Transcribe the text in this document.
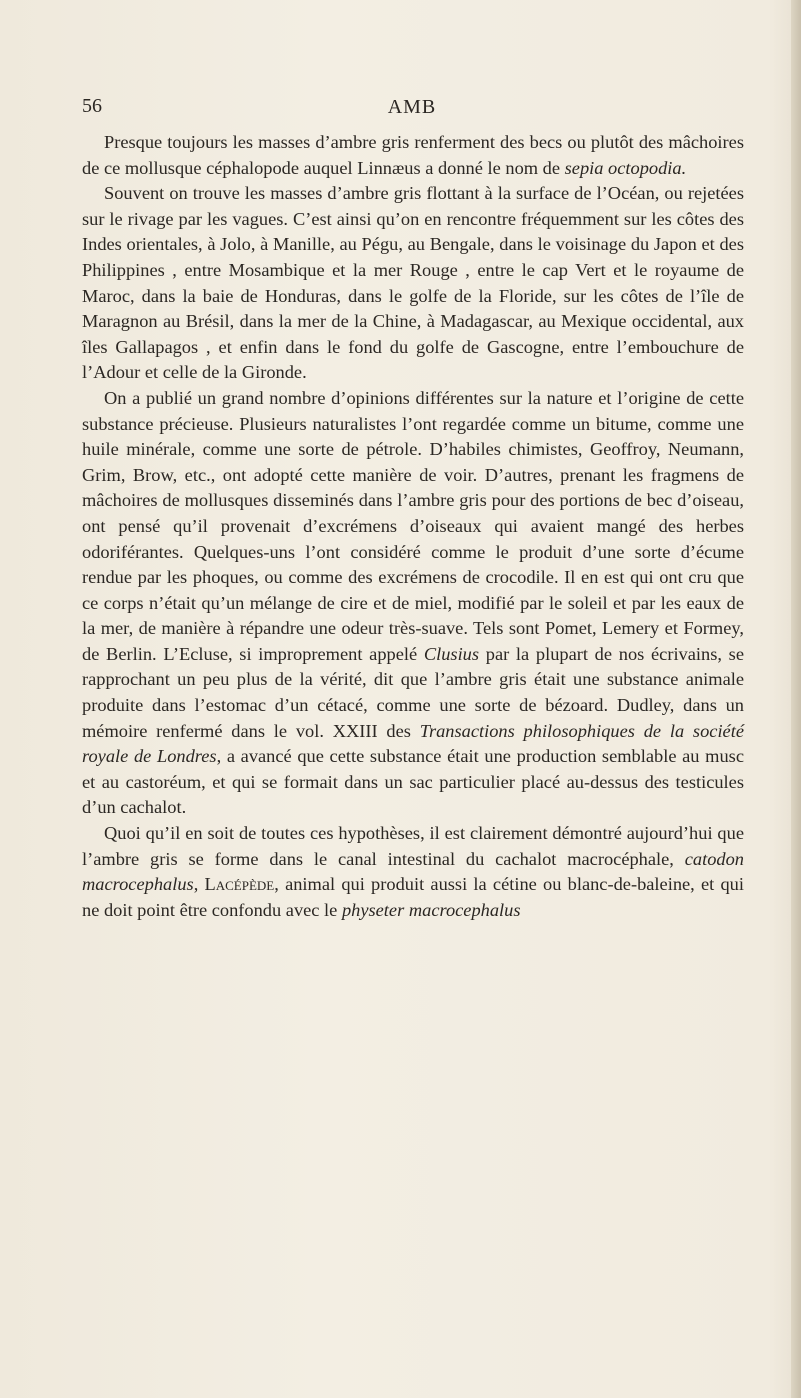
56	AMB

Presque toujours les masses d’ambre gris renferment des becs ou plutôt des mâchoires de ce mollusque céphalopode auquel Linnæus a donné le nom de sepia octopodia.

Souvent on trouve les masses d’ambre gris flottant à la surface de l’Océan, ou rejetées sur le rivage par les vagues. C’est ainsi qu’on en rencontre fréquemment sur les côtes des Indes orientales, à Jolo, à Manille, au Pégu, au Bengale, dans le voisinage du Japon et des Philippines , entre Mosambique et la mer Rouge , entre le cap Vert et le royaume de Maroc, dans la baie de Honduras, dans le golfe de la Floride, sur les côtes de l’île de Maragnon au Brésil, dans la mer de la Chine, à Madagascar, au Mexique occidental, aux îles Gallapagos , et enfin dans le fond du golfe de Gascogne, entre l’embouchure de l’Adour et celle de la Gironde.

On a publié un grand nombre d’opinions différentes sur la nature et l’origine de cette substance précieuse. Plusieurs naturalistes l’ont regardée comme un bitume, comme une huile minérale, comme une sorte de pétrole. D’habiles chimistes, Geoffroy, Neumann, Grim, Brow, etc., ont adopté cette manière de voir. D’autres, prenant les fragmens de mâchoires de mollusques disseminés dans l’ambre gris pour des portions de bec d’oiseau, ont pensé qu’il provenait d’excrémens d’oiseaux qui avaient mangé des herbes odoriférantes. Quelques-uns l’ont considéré comme le produit d’une sorte d’écume rendue par les phoques, ou comme des excrémens de crocodile. Il en est qui ont cru que ce corps n’était qu’un mélange de cire et de miel, modifié par le soleil et par les eaux de la mer, de manière à répandre une odeur très-suave. Tels sont Pomet, Lemery et Formey, de Berlin. L’Ecluse, si improprement appelé Clusius par la plupart de nos écrivains, se rapprochant un peu plus de la vérité, dit que l’ambre gris était une substance animale produite dans l’estomac d’un cétacé, comme une sorte de bézoard. Dudley, dans un mémoire renfermé dans le vol. XXIII des Transactions philosophiques de la société royale de Londres, a avancé que cette substance était une production semblable au musc et au castoréum, et qui se formait dans un sac particulier placé au-dessus des testicules d’un cachalot.

Quoi qu’il en soit de toutes ces hypothèses, il est clairement démontré aujourd’hui que l’ambre gris se forme dans le canal intestinal du cachalot macrocéphale, catodon macrocephalus, Lacépède, animal qui produit aussi la cétine ou blanc-de-baleine, et qui ne doit point être confondu avec le physeter macrocephalus
